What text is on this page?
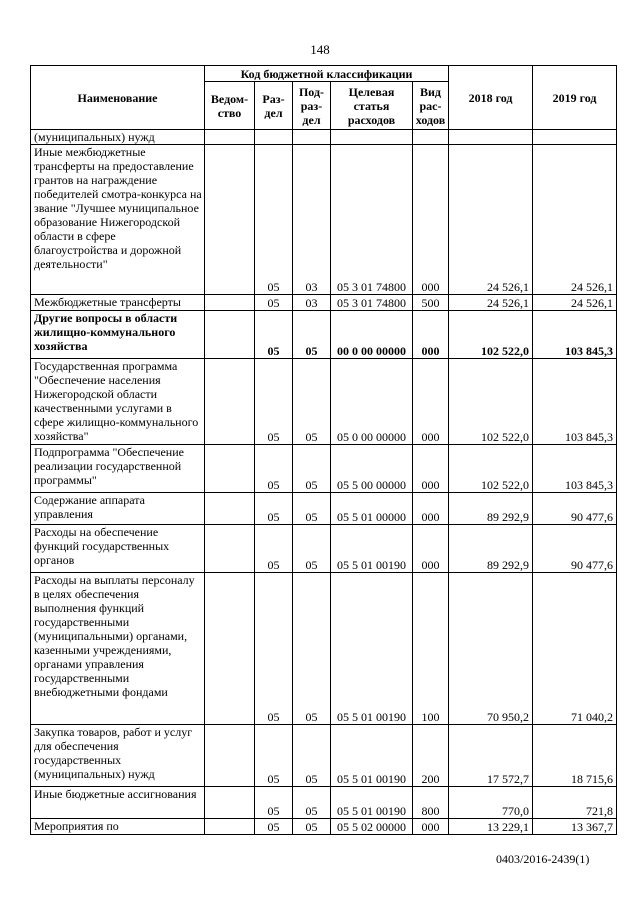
148
Наименование	Код бюджетной классификации					2018 год	2019 год
	Ведом-ство	Раз-дел	Под-раз-дел	Целевая статья расходов	Вид рас-ходов		
(муниципальных) нужд							
Иные межбюджетные трансферты на предоставление грантов на награждение победителей смотра-конкурса на звание "Лучшее муниципальное образование Нижегородской области в сфере благоустройства и дорожной деятельности"		05	03	05 3 01 74800	000	24 526,1	24 526,1
Межбюджетные трансферты		05	03	05 3 01 74800	500	24 526,1	24 526,1
Другие вопросы в области жилищно-коммунального хозяйства		05	05	00 0 00 00000	000	102 522,0	103 845,3
Государственная программа "Обеспечение населения Нижегородской области качественными услугами в сфере жилищно-коммунального хозяйства"		05	05	05 0 00 00000	000	102 522,0	103 845,3
Подпрограмма "Обеспечение реализации государственной программы"		05	05	05 5 00 00000	000	102 522,0	103 845,3
Содержание аппарата управления		05	05	05 5 01 00000	000	89 292,9	90 477,6
Расходы на обеспечение функций государственных органов		05	05	05 5 01 00190	000	89 292,9	90 477,6
Расходы на выплаты персоналу в целях обеспечения выполнения функций государственными (муниципальными) органами, казенными учреждениями, органами управления государственными внебюджетными фондами		05	05	05 5 01 00190	100	70 950,2	71 040,2
Закупка товаров, работ и услуг для обеспечения государственных (муниципальных) нужд		05	05	05 5 01 00190	200	17 572,7	18 715,6
Иные бюджетные ассигнования		05	05	05 5 01 00190	800	770,0	721,8
Мероприятия по		05	05	05 5 02 00000	000	13 229,1	13 367,7
0403/2016-2439(1)
